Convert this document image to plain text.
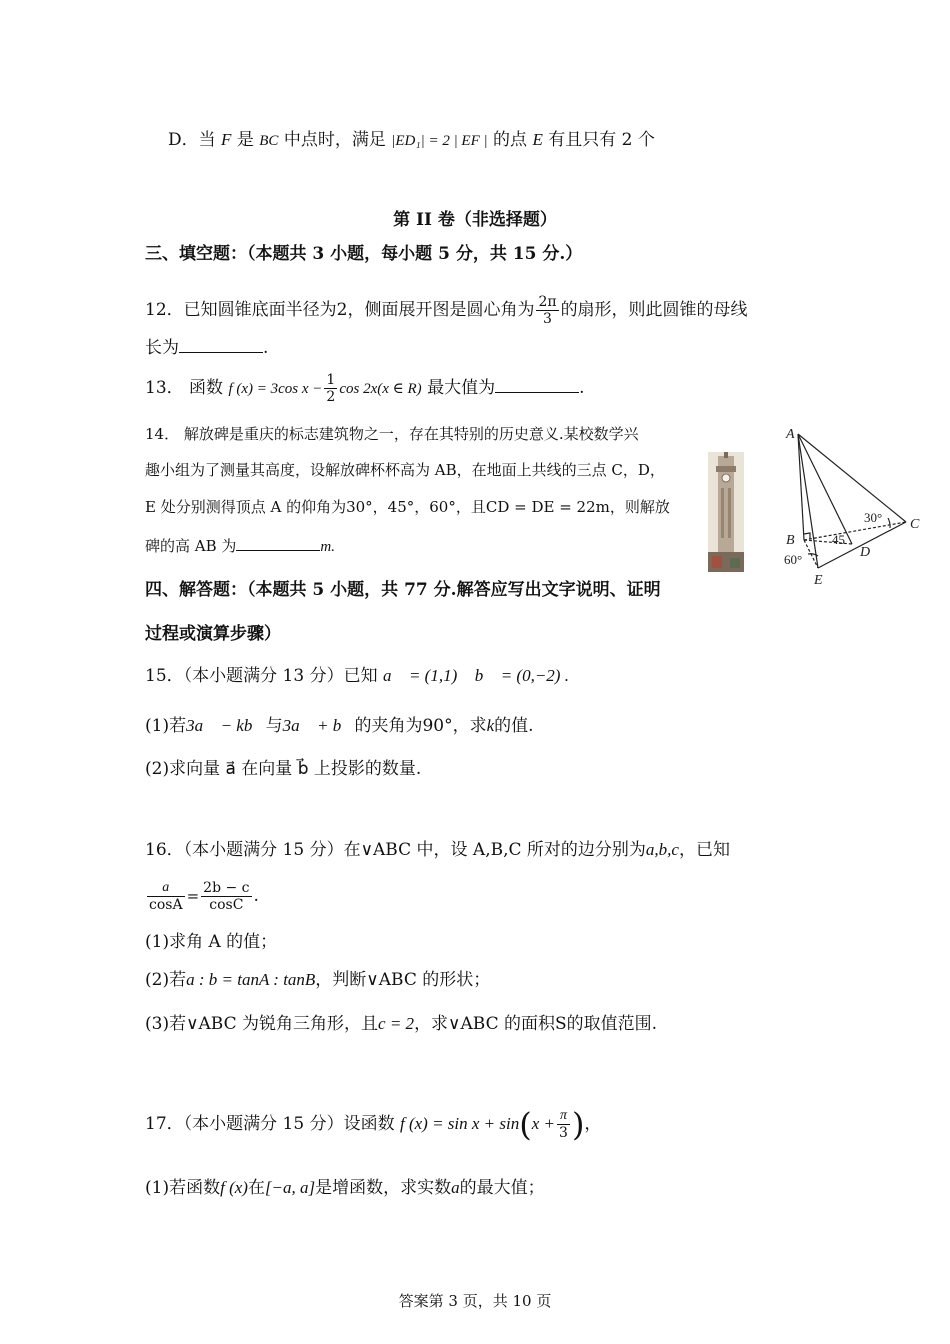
D．当 F 是 BC 中点时，满足 |ED₁| = 2 | EF | 的点 E 有且只有 2 个
第 II 卷（非选择题）
三、填空题：（本题共 3 小题，每小题 5 分，共 15 分.）
12．已知圆锥底面半径为2，侧面展开图是圆心角为 $\frac{2\pi}{3}$ 的扇形，则此圆锥的母线
长为	.
13． 函数 f (x) = 3cos $x - \frac{1}{2}$ cos 2x(x ∈ R) 最大值为	.
14． 解放碑是重庆的标志建筑物之一，存在其特别的历史意义.某校数学兴
趣小组为了测量其高度，设解放碑杯杯高为 AB，在地面上共线的三点 C，D，
E 处分别测得顶点 A 的仰角为30°，45°，60°，且CD = DE = 22m，则解放
碑的高 AB 为	m.
A
B
C
D
E
30°
45
60°
四、解答题：（本题共 5 小题，共 77 分.解答应写出文字说明、证明
过程或演算步骤）
15．（本小题满分 13 分）已知 a⃗ = (1,1)， b⃗ = (0,−2) .
(1)若3a⃗ − kb⃗与3a⃗ + b⃗的夹角为90°，求k的值.
(2)求向量 a⃗ 在向量 b⃗ 上投影的数量.
16．（本小题满分 15 分）在∨ABC 中，设 A,B,C 所对的边分别为a,b,c，已知
$\frac{a}{\cos A} = \frac{2b - c}{\cos C}$ .
(1)求角 A 的值；
(2)若a : b = tanA : tanB，判断∨ABC 的形状；
(3)若∨ABC 为锐角三角形，且c = 2，求∨ABC 的面积S的取值范围.
17．（本小题满分 15 分）设函数 f $(x) = \sin x + \sin(x + \frac{\pi}{3}$ )，
(1)若函数f (x)在[−a, a]是增函数，求实数a的最大值；
答案第 3 页，共 10 页
